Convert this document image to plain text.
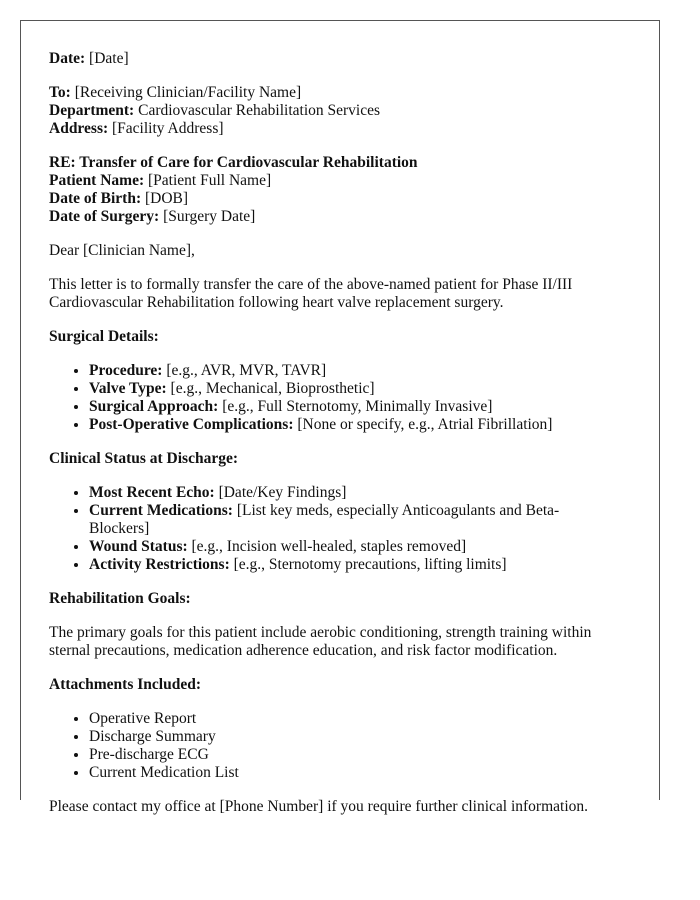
Date: [Date]
To: [Receiving Clinician/Facility Name]
Department: Cardiovascular Rehabilitation Services
Address: [Facility Address]
RE: Transfer of Care for Cardiovascular Rehabilitation
Patient Name: [Patient Full Name]
Date of Birth: [DOB]
Date of Surgery: [Surgery Date]

Dear [Clinician Name],

This letter is to formally transfer the care of the above-named patient for Phase II/III Cardiovascular Rehabilitation following heart valve replacement surgery.

Surgical Details:
• Procedure: [e.g., AVR, MVR, TAVR]
• Valve Type: [e.g., Mechanical, Bioprosthetic]
• Surgical Approach: [e.g., Full Sternotomy, Minimally Invasive]
• Post-Operative Complications: [None or specify, e.g., Atrial Fibrillation]
Clinical Status at Discharge:
• Most Recent Echo: [Date/Key Findings]
• Current Medications: [List key meds, especially Anticoagulants and Beta-Blockers]
• Wound Status: [e.g., Incision well-healed, staples removed]
• Activity Restrictions: [e.g., Sternotomy precautions, lifting limits]
Rehabilitation Goals:

The primary goals for this patient include aerobic conditioning, strength training within sternal precautions, medication adherence education, and risk factor modification.

Attachments Included:
• Operative Report
• Discharge Summary
• Pre-discharge ECG
• Current Medication List

Please contact my office at [Phone Number] if you require further clinical information.
